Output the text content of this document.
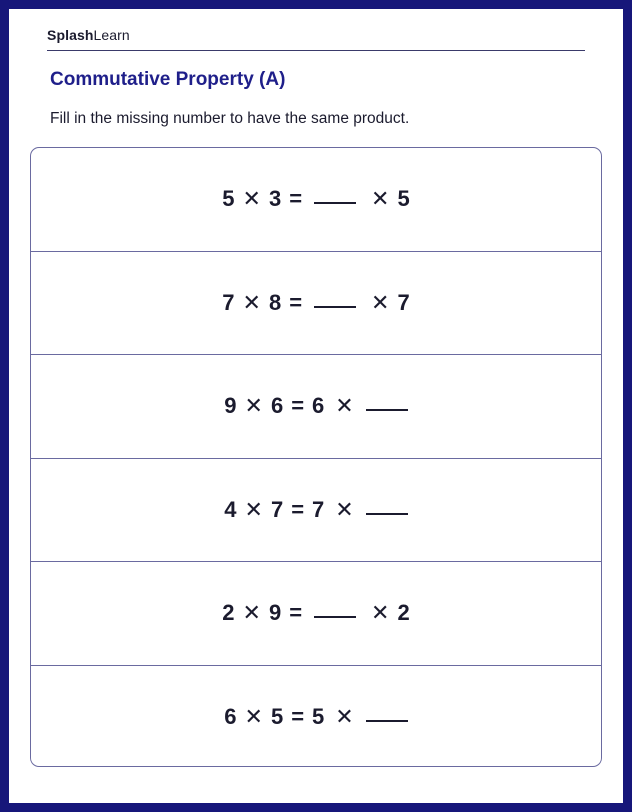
SplashLearn
Commutative Property (A)
Fill in the missing number to have the same product.
5 ✕ 3 =	✕ 5
7 ✕ 8 =	✕ 7
9 ✕ 6 = 6 ✕
4 ✕ 7 = 7 ✕
2 ✕ 9 =	✕ 2
6 ✕ 5 = 5 ✕
